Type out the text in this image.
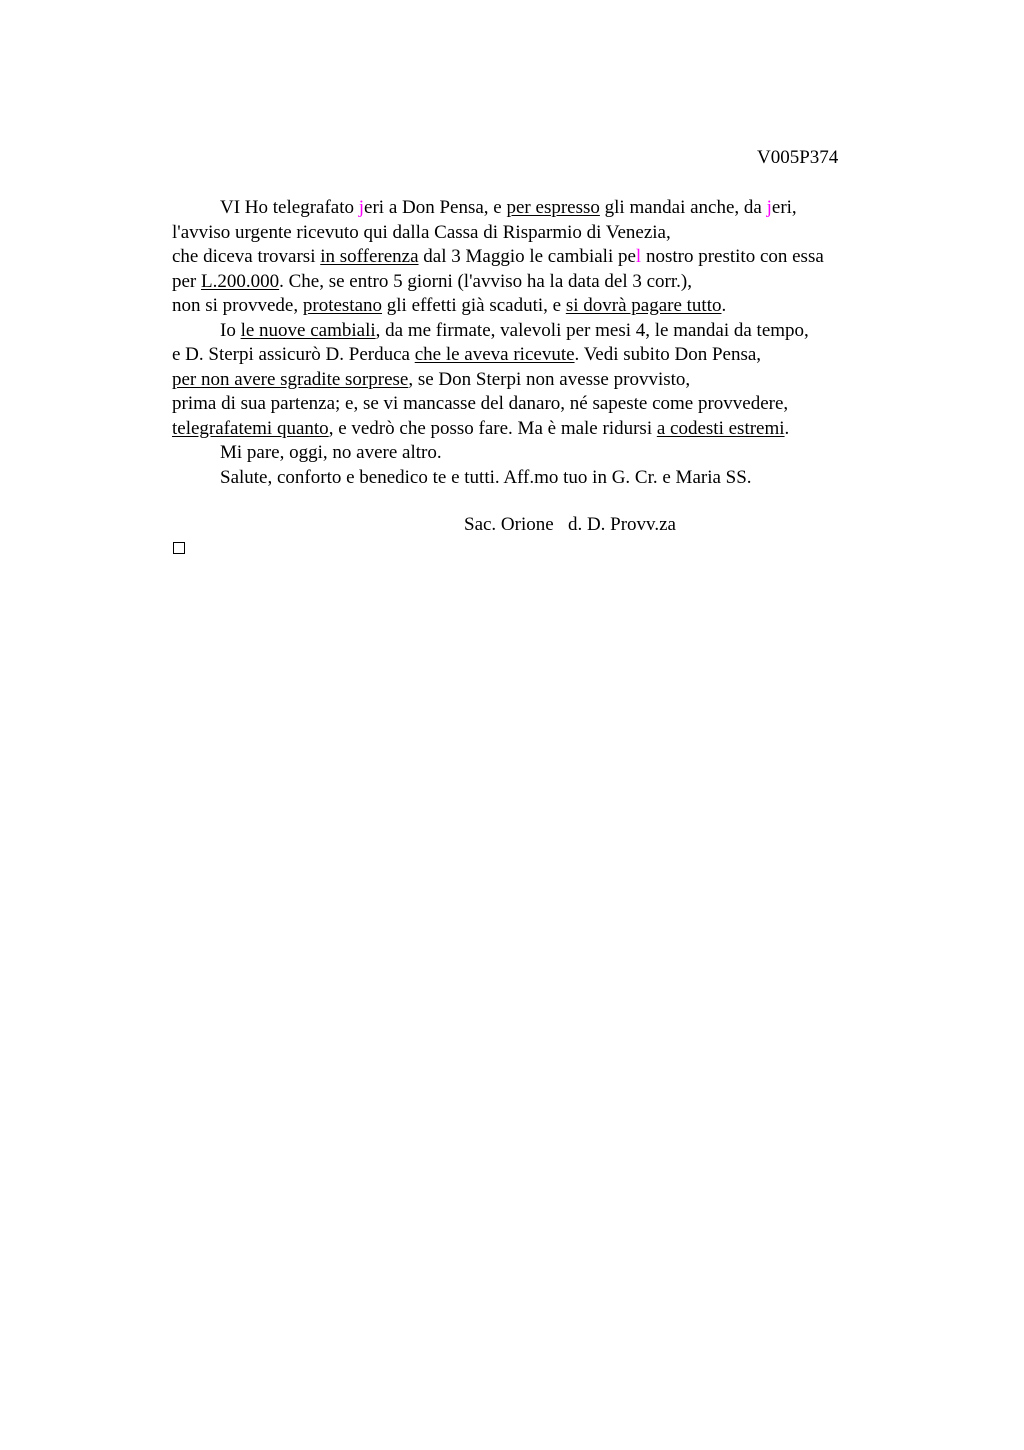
V005P374
VI Ho telegrafato jeri a Don Pensa, e per espresso gli mandai anche, da jeri,
l'avviso urgente ricevuto qui dalla Cassa di Risparmio di Venezia,
che diceva trovarsi in sofferenza dal 3 Maggio le cambiali pel nostro prestito con essa
per L.200.000. Che, se entro 5 giorni (l'avviso ha la data del 3 corr.),
non si provvede, protestano gli effetti già scaduti, e si dovrà pagare tutto.
Io le nuove cambiali, da me firmate, valevoli per mesi 4, le mandai da tempo,
e D. Sterpi assicurò D. Perduca che le aveva ricevute. Vedi subito Don Pensa,
per non avere sgradite sorprese, se Don Sterpi non avesse provvisto,
prima di sua partenza; e, se vi mancasse del danaro, né sapeste come provvedere,
telegrafatemi quanto, e vedrò che posso fare. Ma è male ridursi a codesti estremi.
Mi pare, oggi, no avere altro.
Salute, conforto e benedico te e tutti. Aff.mo tuo in G. Cr. e Maria SS.
Sac. Orione   d. D. Provv.za
